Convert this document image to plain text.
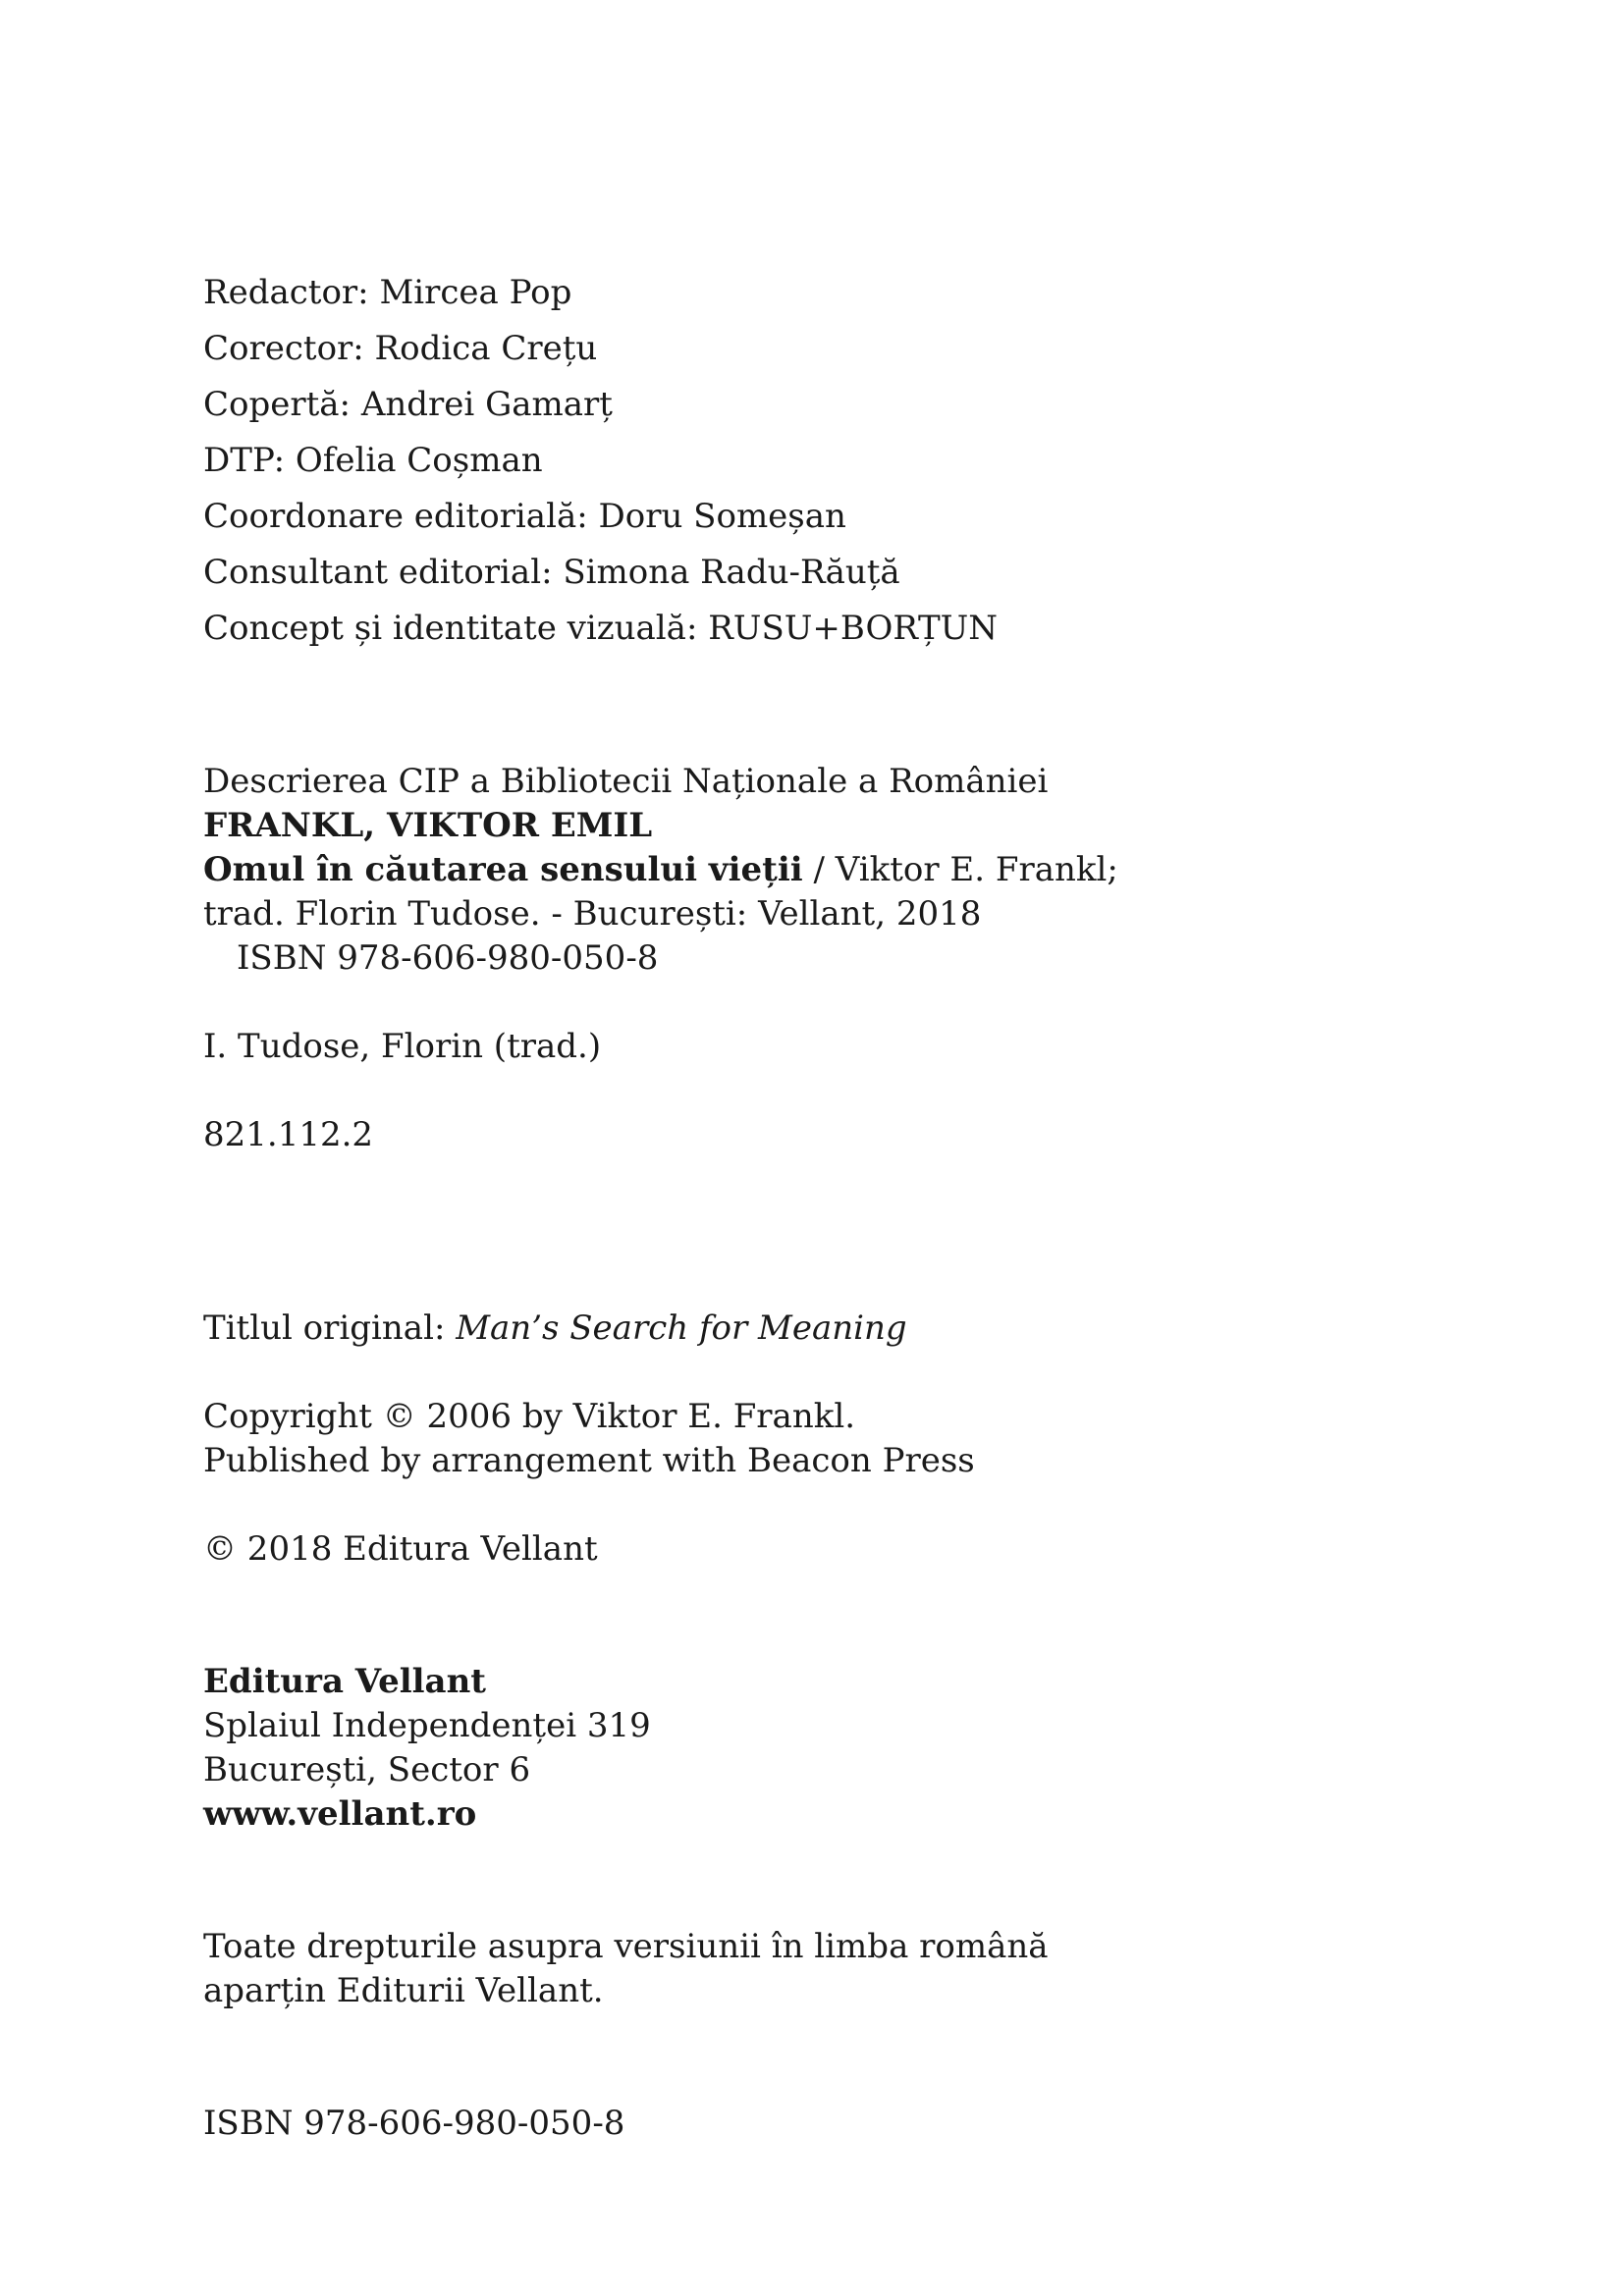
Redactor: Mircea Pop
Corector: Rodica Crețu
Copertă: Andrei Gamarț
DTP: Ofelia Coșman
Coordonare editorială: Doru Someșan
Consultant editorial: Simona Radu-Răuță
Concept și identitate vizuală: RUSU+BORȚUN
Descrierea CIP a Bibliotecii Naționale a României
FRANKL, VIKTOR EMIL
Omul în căutarea sensului vieții / Viktor E. Frankl;
trad. Florin Tudose. - București: Vellant, 2018
ISBN 978-606-980-050-8
I. Tudose, Florin (trad.)
821.112.2
Titlul original: Man’s Search for Meaning
Copyright © 2006 by Viktor E. Frankl.
Published by arrangement with Beacon Press
© 2018 Editura Vellant
Editura Vellant
Splaiul Independenței 319
București, Sector 6
www.vellant.ro
Toate drepturile asupra versiunii în limba română
aparțin Editurii Vellant.
ISBN 978-606-980-050-8
